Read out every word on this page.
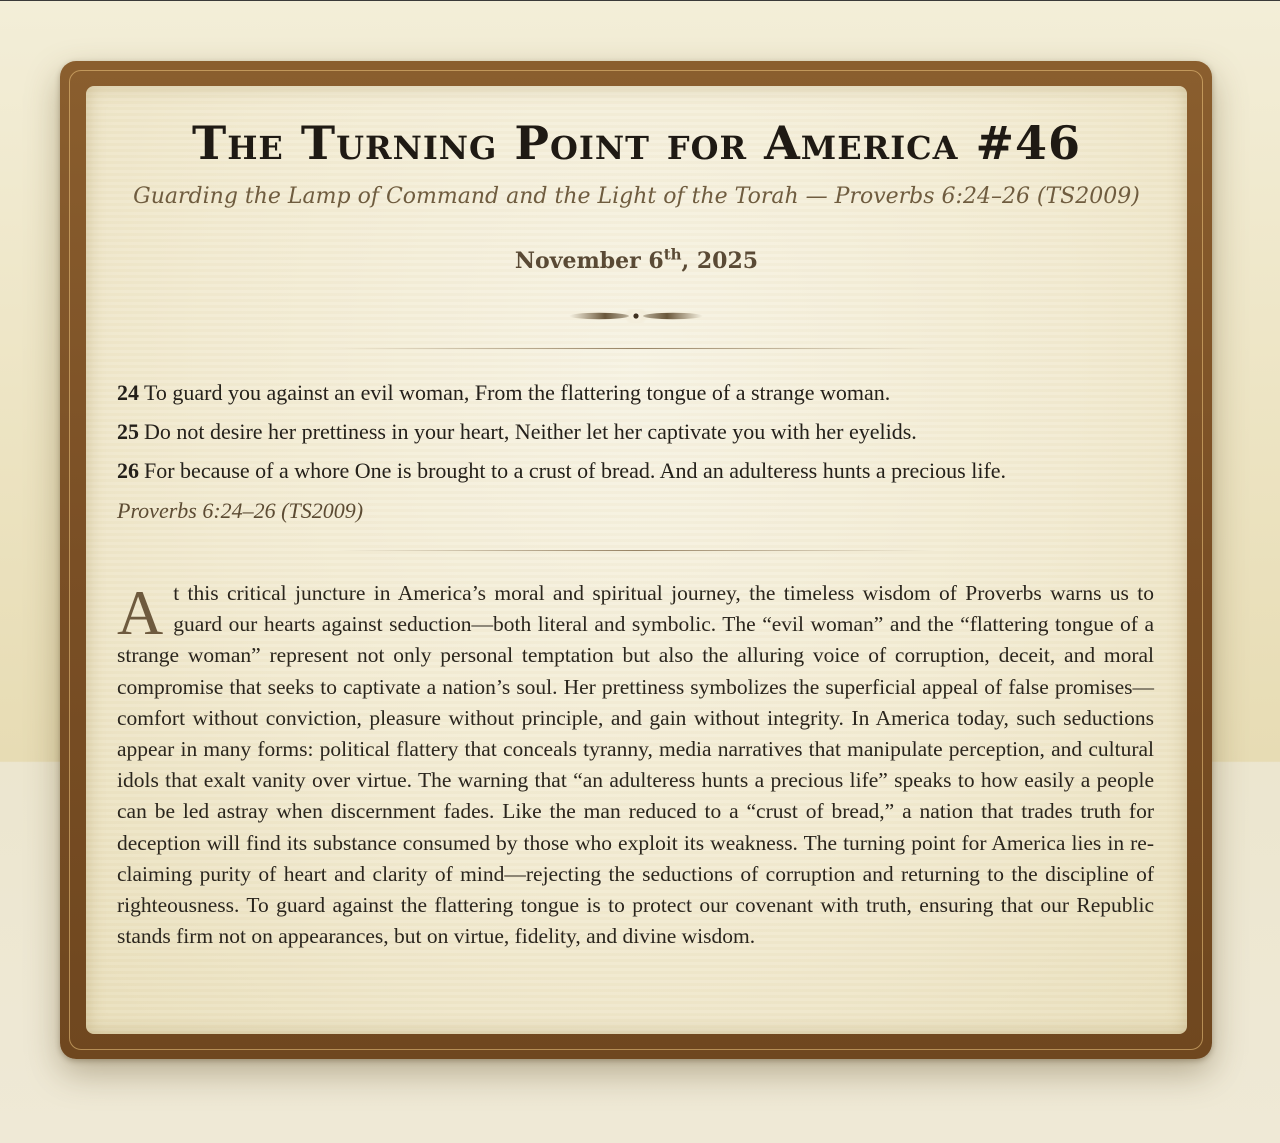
The Turning Point for America #46

Guarding the Lamp of Command and the Light of the Torah — Proverbs 6:24–26 (TS2009)

November 6th, 2025
24 To guard you against an evil woman, From the flattering tongue of a strange woman.
25 Do not desire her prettiness in your heart, Neither let her captivate you with her eyelids.
26 For because of a whore One is brought to a crust of bread. And an adulteress hunts a precious life.
Proverbs 6:24–26 (TS2009)

At this critical juncture in America’s moral and spiritual journey, the timeless wisdom of Proverbs warns us to guard our hearts against seduction—both literal and symbolic. The “evil woman” and the “flattering tongue of a strange woman” represent not only personal temptation but also the alluring voice of corruption, deceit, and moral compromise that seeks to captivate a nation’s soul. Her prettiness symbolizes the superficial appeal of false promises—comfort without conviction, pleasure without principle, and gain without integrity. In America today, such seductions appear in many forms: political flattery that conceals tyranny, media narratives that manipulate perception, and cultural idols that exalt vanity over virtue. The warning that “an adulteress hunts a precious life” speaks to how easily a people can be led astray when discernment fades. Like the man reduced to a “crust of bread,” a nation that trades truth for deception will find its substance consumed by those who exploit its weakness. The turning point for America lies in reclaiming purity of heart and clarity of mind—rejecting the seductions of corruption and returning to the discipline of righteousness. To guard against the flattering tongue is to protect our covenant with truth, ensuring that our Republic stands firm not on appearances, but on virtue, fidelity, and divine wisdom.
